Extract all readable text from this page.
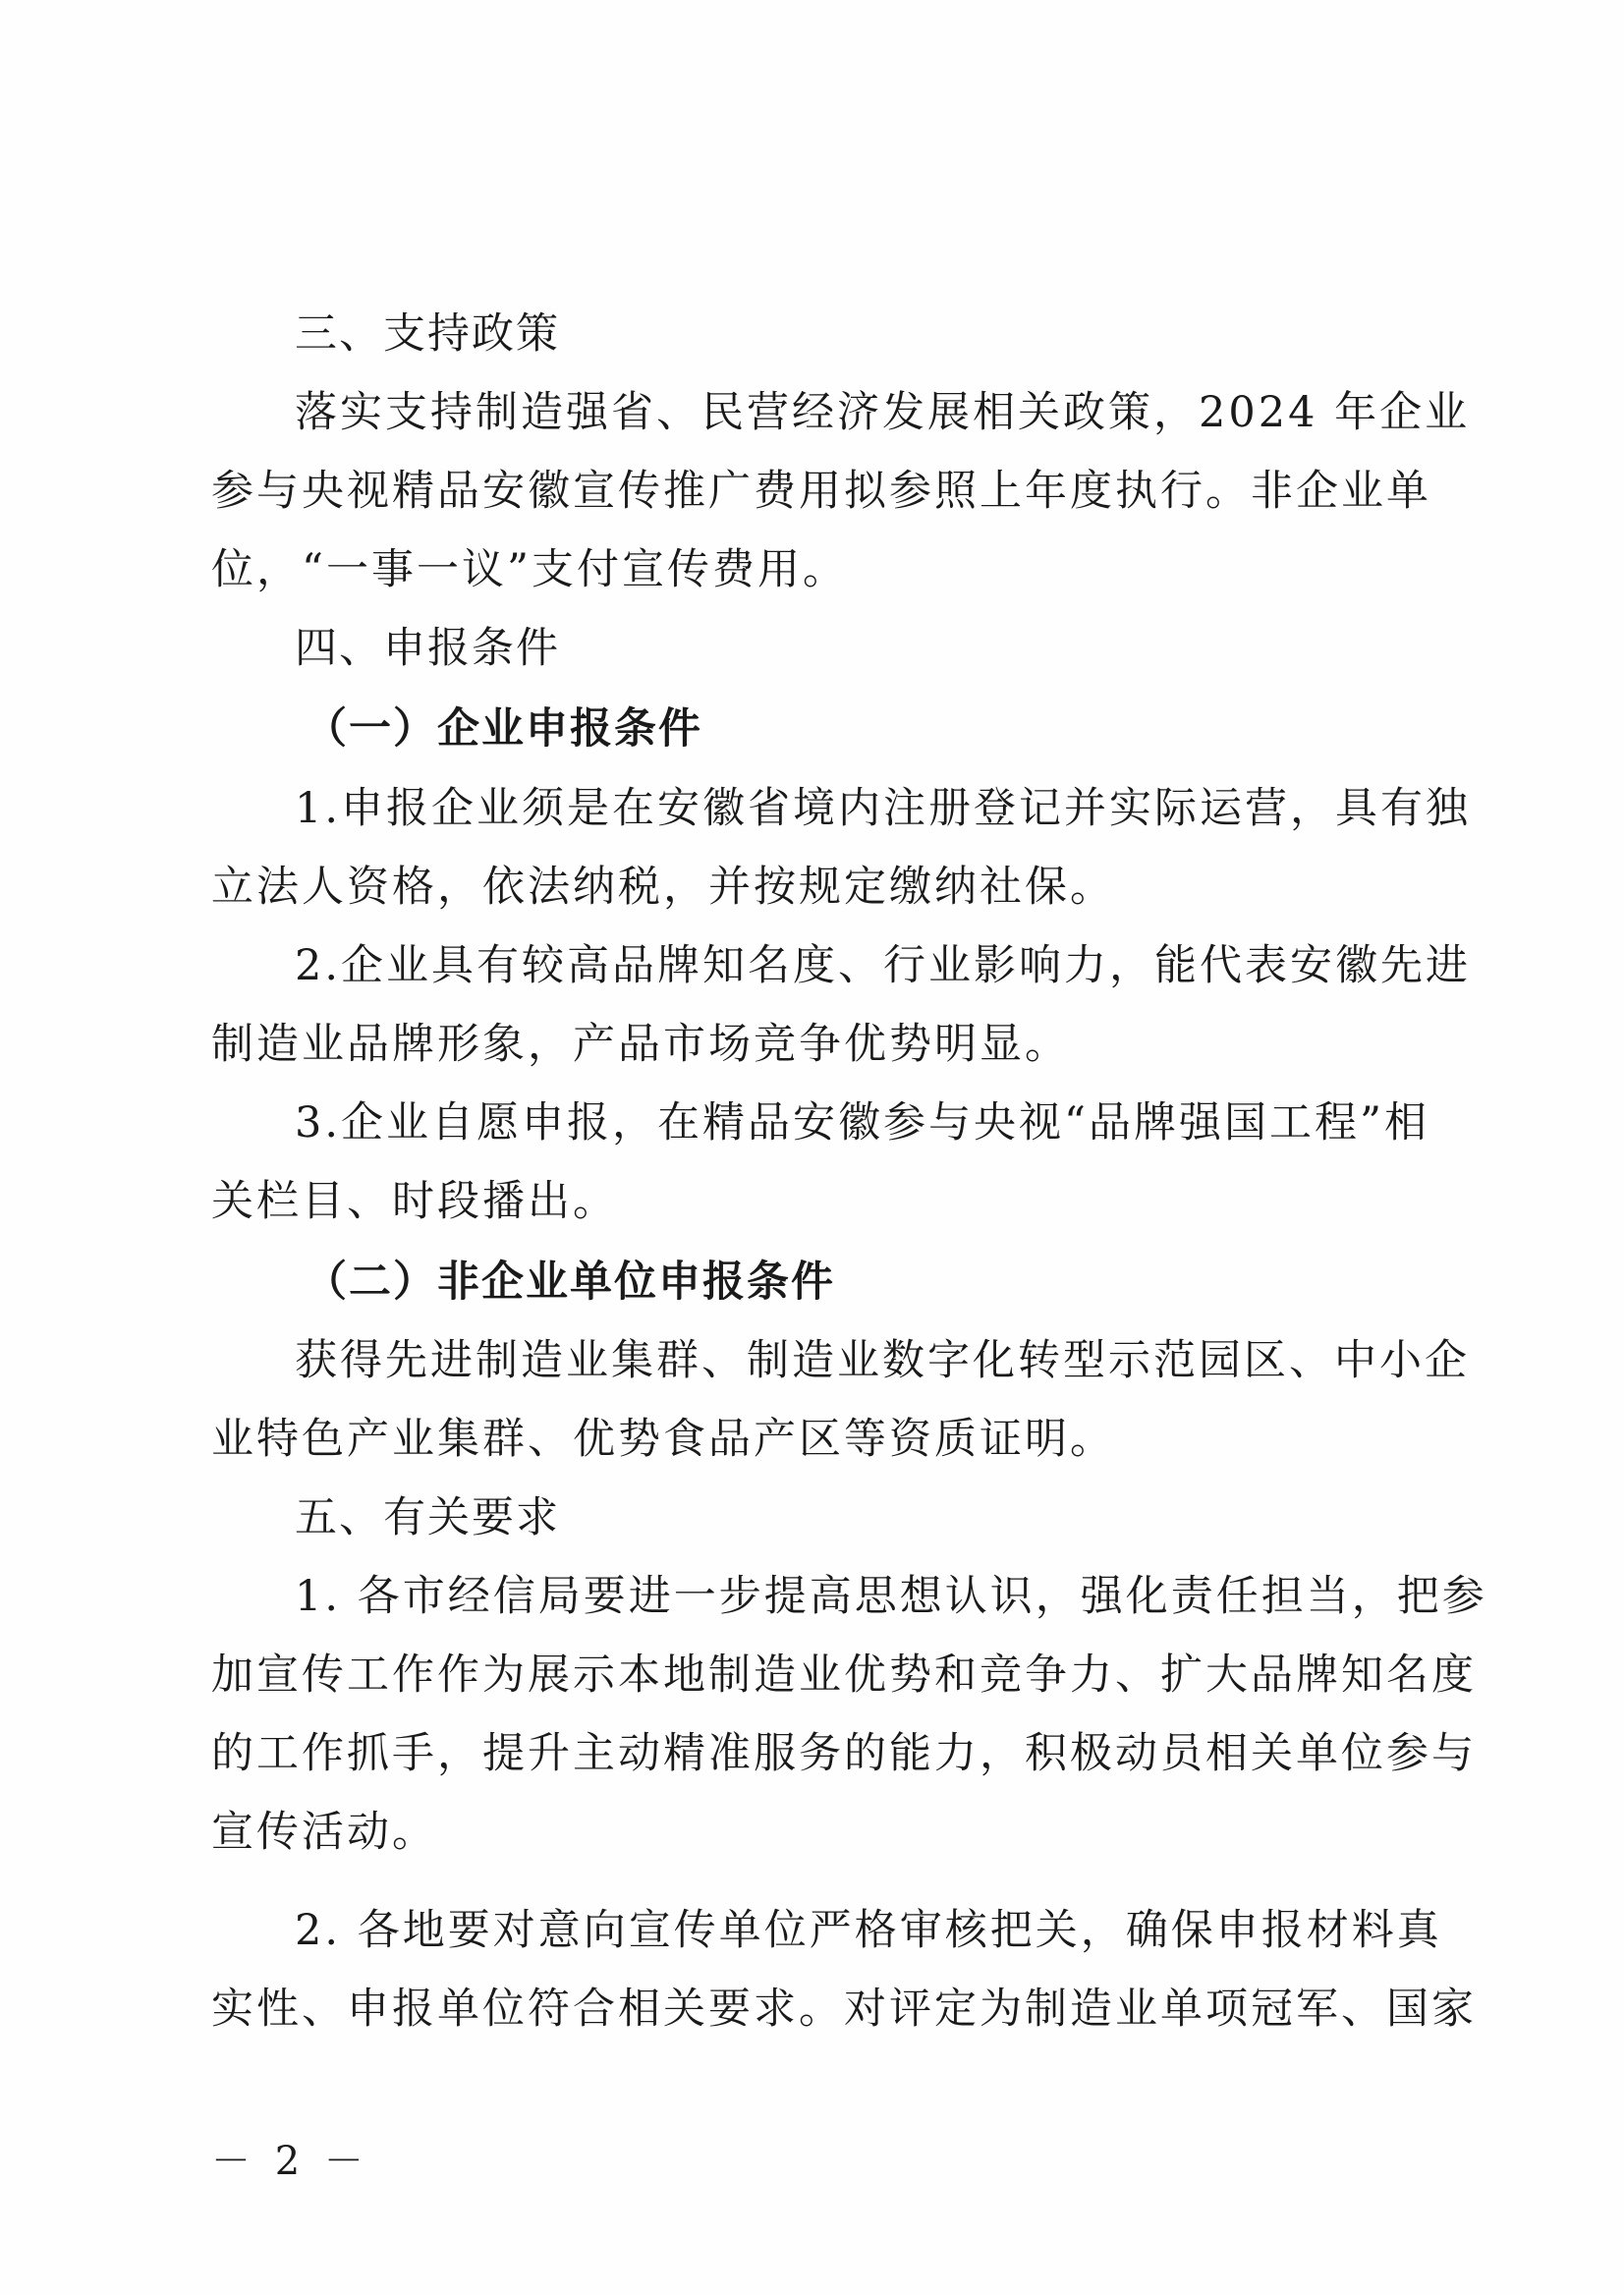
三、支持政策
落实支持制造强省、民营经济发展相关政策，2024 年企业
参与央视精品安徽宣传推广费用拟参照上年度执行。非企业单
位，“一事一议”支付宣传费用。
四、申报条件
（一）企业申报条件
1.申报企业须是在安徽省境内注册登记并实际运营，具有独
立法人资格，依法纳税，并按规定缴纳社保。
2.企业具有较高品牌知名度、行业影响力，能代表安徽先进
制造业品牌形象，产品市场竞争优势明显。
3.企业自愿申报，在精品安徽参与央视“品牌强国工程”相
关栏目、时段播出。
（二）非企业单位申报条件
获得先进制造业集群、制造业数字化转型示范园区、中小企
业特色产业集群、优势食品产区等资质证明。
五、有关要求
1. 各市经信局要进一步提高思想认识，强化责任担当，把参
加宣传工作作为展示本地制造业优势和竞争力、扩大品牌知名度
的工作抓手，提升主动精准服务的能力，积极动员相关单位参与
宣传活动。
2. 各地要对意向宣传单位严格审核把关，确保申报材料真
实性、申报单位符合相关要求。对评定为制造业单项冠军、国家
－ 2 －
